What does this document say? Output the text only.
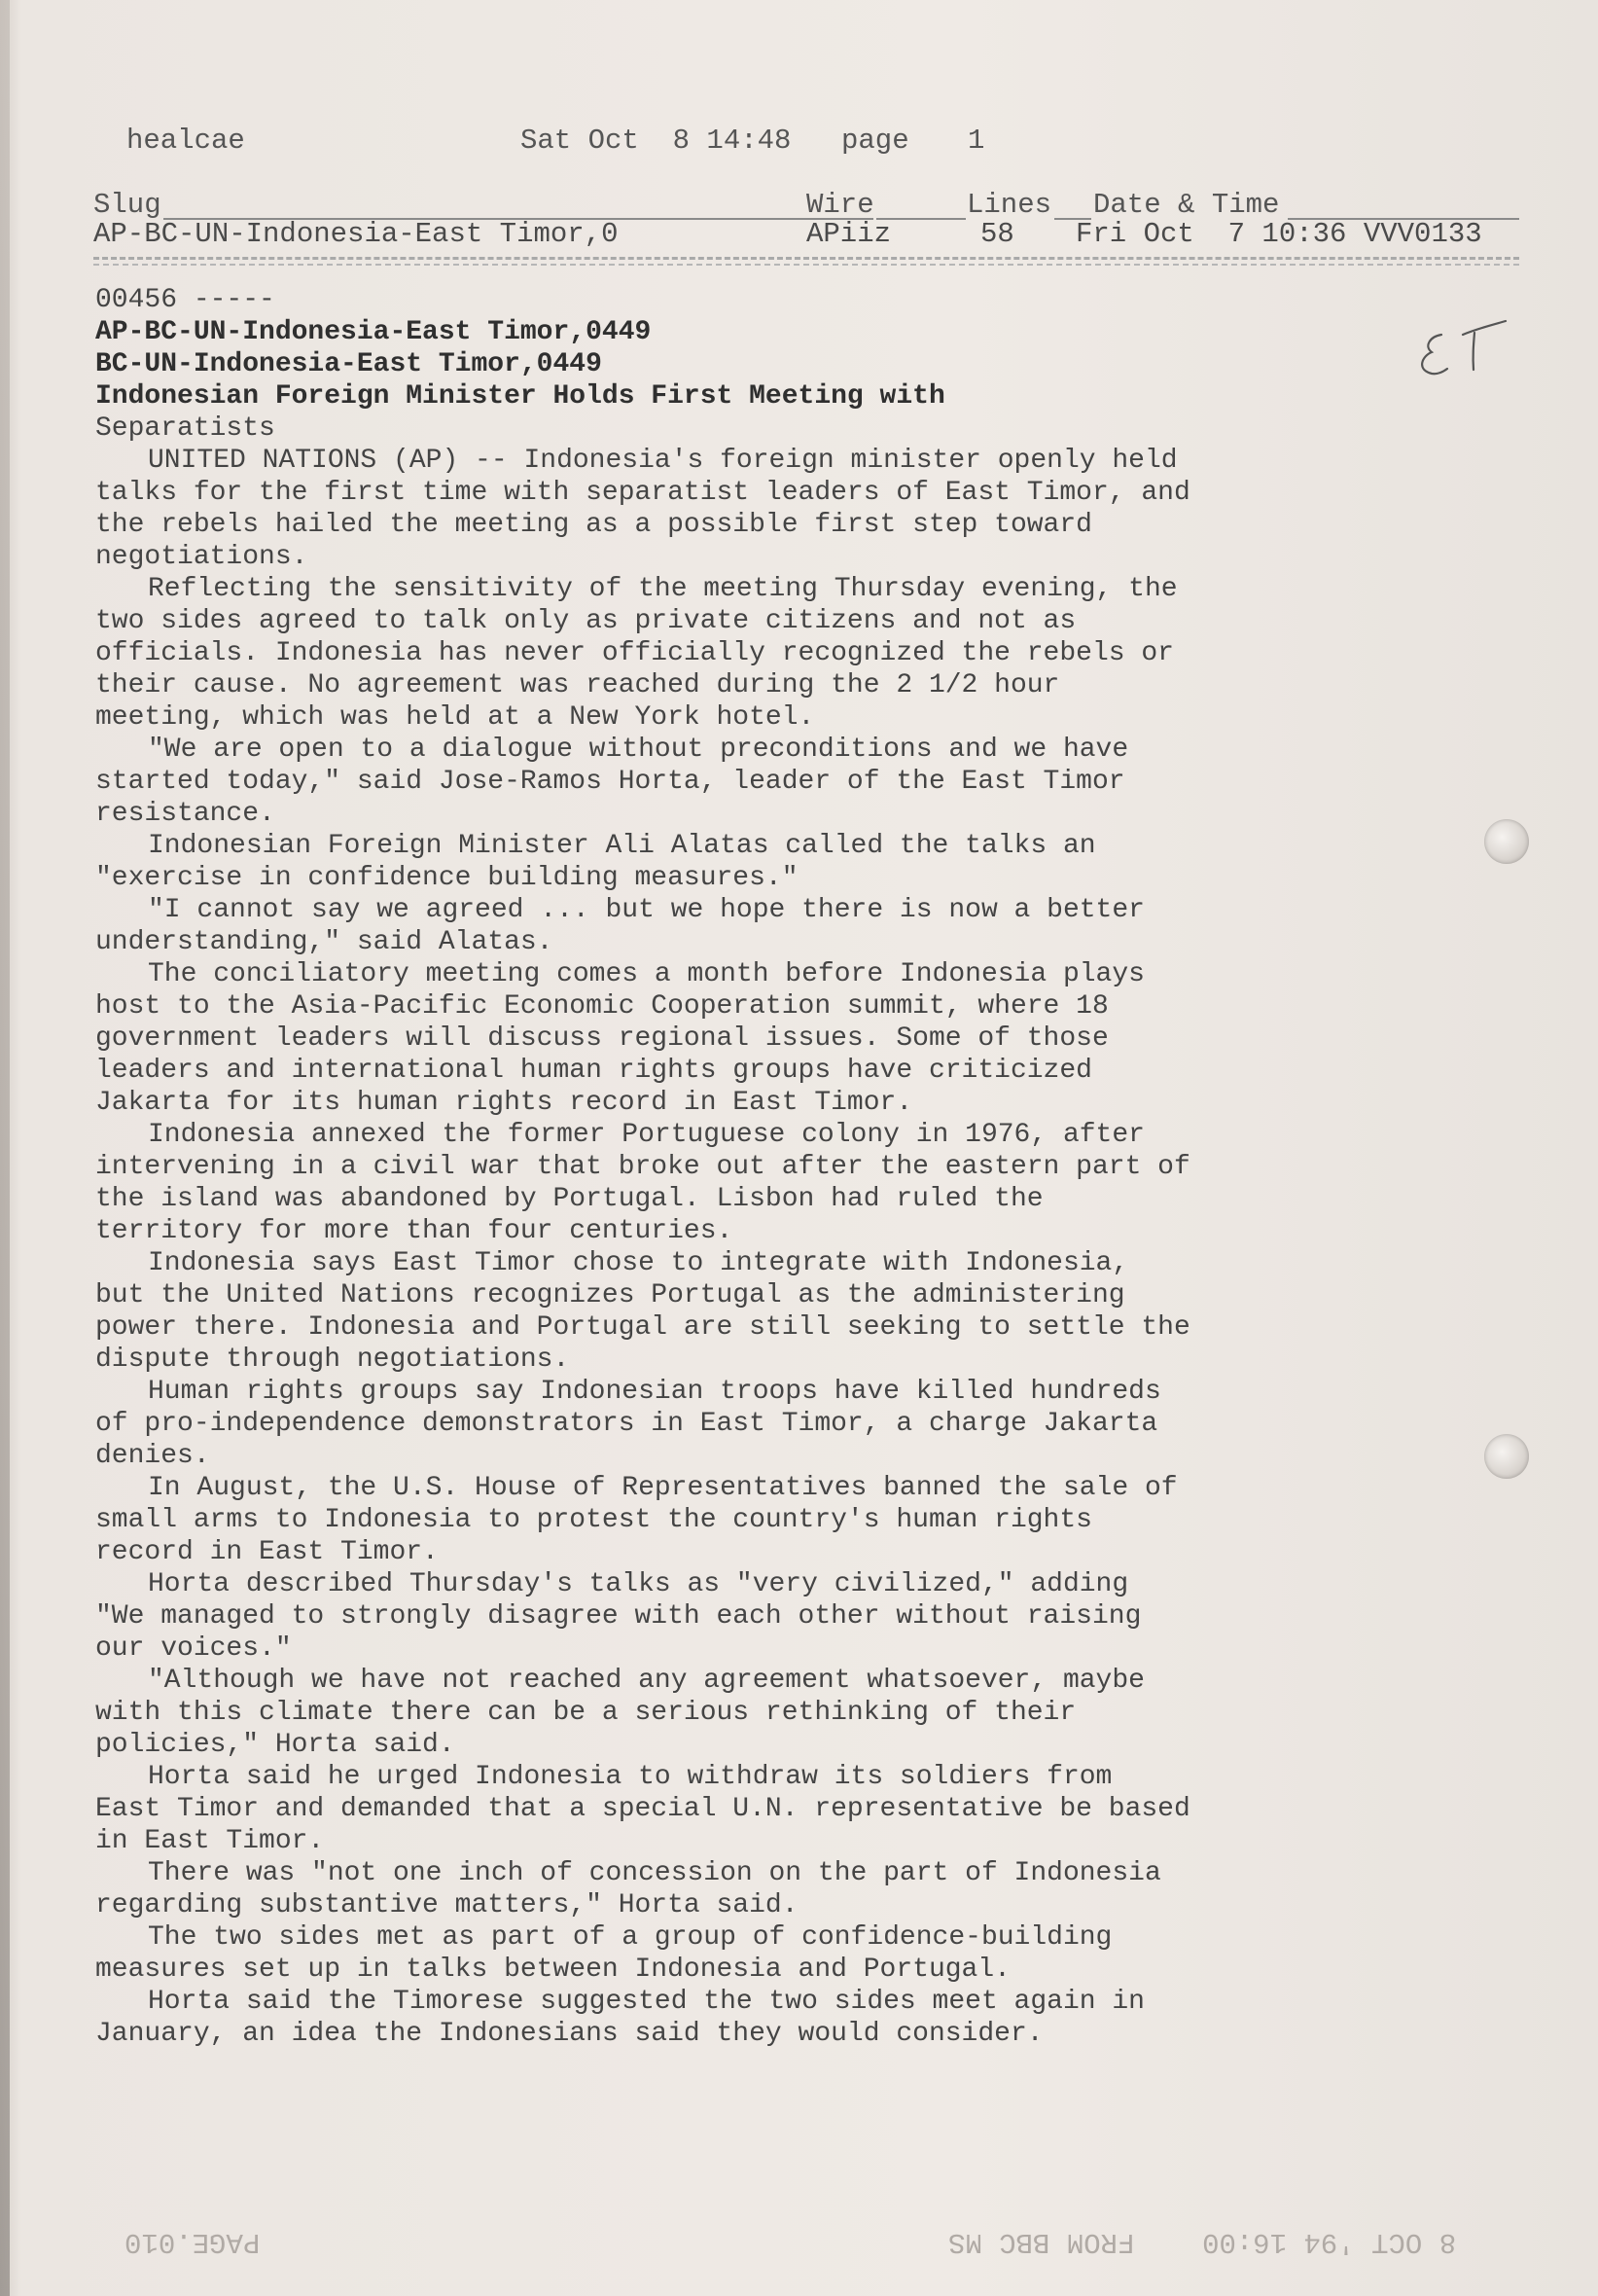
healcae	Sat Oct  8 14:48 page 1
Slug	Wire	Lines Date & Time
AP-BC-UN-Indonesia-East Timor,0	APiiz	58 Fri Oct  7 10:36 VVV0133
00456 -----
AP-BC-UN-Indonesia-East Timor,0449
BC-UN-Indonesia-East Timor,0449
Indonesian Foreign Minister Holds First Meeting with
Separatists
UNITED NATIONS (AP) -- Indonesia's foreign minister openly held
talks for the first time with separatist leaders of East Timor, and
the rebels hailed the meeting as a possible first step toward
negotiations.
Reflecting the sensitivity of the meeting Thursday evening, the
two sides agreed to talk only as private citizens and not as
officials. Indonesia has never officially recognized the rebels or
their cause. No agreement was reached during the 2 1/2 hour
meeting, which was held at a New York hotel.
"We are open to a dialogue without preconditions and we have
started today," said Jose-Ramos Horta, leader of the East Timor
resistance.
Indonesian Foreign Minister Ali Alatas called the talks an
"exercise in confidence building measures."
"I cannot say we agreed ... but we hope there is now a better
understanding," said Alatas.
The conciliatory meeting comes a month before Indonesia plays
host to the Asia-Pacific Economic Cooperation summit, where 18
government leaders will discuss regional issues. Some of those
leaders and international human rights groups have criticized
Jakarta for its human rights record in East Timor.
Indonesia annexed the former Portuguese colony in 1976, after
intervening in a civil war that broke out after the eastern part of
the island was abandoned by Portugal. Lisbon had ruled the
territory for more than four centuries.
Indonesia says East Timor chose to integrate with Indonesia,
but the United Nations recognizes Portugal as the administering
power there. Indonesia and Portugal are still seeking to settle the
dispute through negotiations.
Human rights groups say Indonesian troops have killed hundreds
of pro-independence demonstrators in East Timor, a charge Jakarta
denies.
In August, the U.S. House of Representatives banned the sale of
small arms to Indonesia to protest the country's human rights
record in East Timor.
Horta described Thursday's talks as "very civilized," adding
"We managed to strongly disagree with each other without raising
our voices."
"Although we have not reached any agreement whatsoever, maybe
with this climate there can be a serious rethinking of their
policies," Horta said.
Horta said he urged Indonesia to withdraw its soldiers from
East Timor and demanded that a special U.N. representative be based
in East Timor.
There was "not one inch of concession on the part of Indonesia
regarding substantive matters," Horta said.
The two sides met as part of a group of confidence-building
measures set up in talks between Indonesia and Portugal.
Horta said the Timorese suggested the two sides meet again in
January, an idea the Indonesians said they would consider.
PAGE.010	8 OCT '94 16:00    FROM BBC MS
